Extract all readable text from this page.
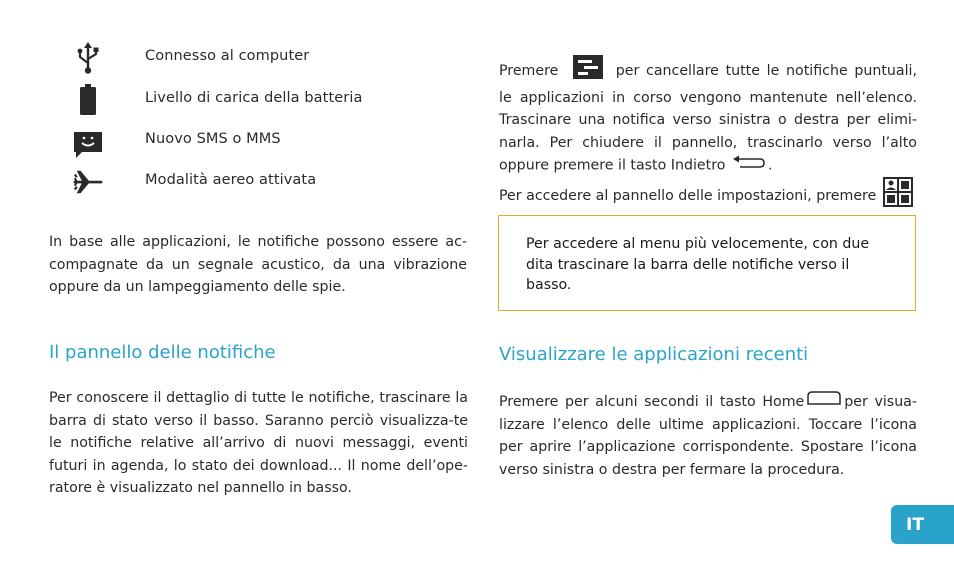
Connesso al computer
Livello di carica della batteria
Nuovo SMS o MMS
Modalità aereo attivata

In base alle applicazioni, le notifiche possono essere ac-compagnate da un segnale acustico, da una vibrazione oppure da un lampeggiamento delle spie.

Il pannello delle notifiche

Per conoscere il dettaglio di tutte le notifiche, trascinare la barra di stato verso il basso. Saranno perciò visualizza-te le notifiche relative all’arrivo di nuovi messaggi, eventi futuri in agenda, lo stato dei download... Il nome dell’ope-ratore è visualizzato nel pannello in basso.

Premere	per cancellare tutte le notifiche puntuali, le applicazioni in corso vengono mantenute nell’elenco. Trascinare una notifica verso sinistra o destra per elimi-narla. Per chiudere il pannello, trascinarlo verso l’alto oppure premere il tasto Indietro	.

Per accedere al pannello delle impostazioni, premere

Per accedere al menu più velocemente, con due dita trascinare la barra delle notifiche verso il basso.
Visualizzare le applicazioni recenti

Premere per alcuni secondi il tasto Home	per visua-lizzare l’elenco delle ultime applicazioni. Toccare l’icona per aprire l’applicazione corrispondente. Spostare l’icona verso sinistra o destra per fermare la procedura.

IT
